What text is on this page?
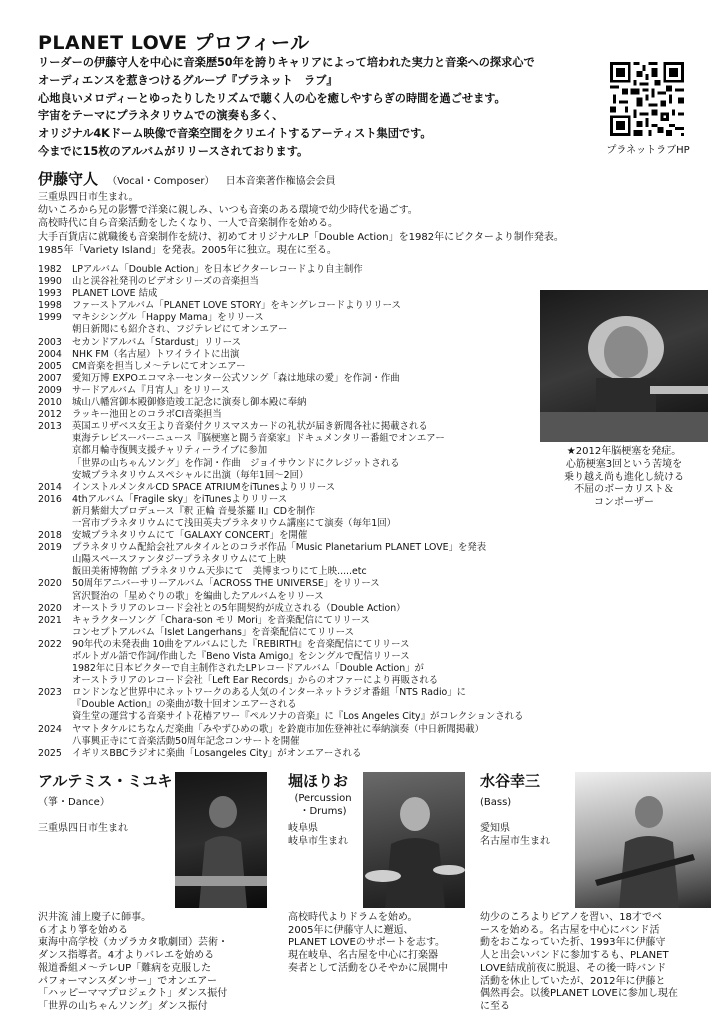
PLANET LOVE プロフィール
リーダーの伊藤守人を中心に音楽歴50年を誇りキャリアによって培われた実力と音楽への探求心で
オーディエンスを惹きつけるグループ『プラネット　ラブ』
心地良いメロディーとゆったりしたリズムで聴く人の心を癒しやすらぎの時間を過ごせます。
宇宙をテーマにプラネタリウムでの演奏も多く、
オリジナル4Kドーム映像で音楽空間をクリエイトするアーティスト集団です。
今までに15枚のアルバムがリリースされております。	プラネットラブHP
伊藤守人 （Vocal・Composer） 日本音楽著作権協会会員
三重県四日市生まれ。
幼いころから兄の影響で洋楽に親しみ、いつも音楽のある環境で幼少時代を過ごす。
高校時代に自ら音楽活動をしたくなり、一人で音楽制作を始める。
大手百貨店に就職後も音楽制作を続け、初めてオリジナルLP「Double Action」を1982年にビクターより制作発表。
1985年「Variety Island」を発表。2005年に独立。現在に至る。
1982	LPアルバム「Double Action」を日本ビクターレコードより自主制作
1990	山と渓谷社発刊のビデオシリーズの音楽担当
1993	PLANET LOVE 結成
1998	ファーストアルバム「PLANET LOVE STORY」をキングレコードよりリリース
1999	マキシシングル「Happy Mama」をリリース
朝日新聞にも紹介され、フジテレビにてオンエアー
2003	セカンドアルバム「Stardust」リリース
2004	NHK FM（名古屋）トワイライトに出演
2005	CM音楽を担当しメ～テレにてオンエアー
2007	愛知万博 EXPOエコマネーセンター公式ソング「森は地球の愛」を作詞・作曲
2009	サードアルバム『月宵人』をリリース
2010	城山八幡宮御本殿御修造竣工記念に演奏し御本殿に奉納
2012	ラッキー池田とのコラボCI音楽担当
2013	英国エリザベス女王より音楽付クリスマスカードの礼状が届き新聞各社に掲載される
東海テレビスーパーニュース『脳梗塞と闘う音楽家』ドキュメンタリー番組でオンエアー
京都月輪寺復興支援チャリティーライブに参加
「世界の山ちゃんソング」を作詞・作曲　ジョイサウンドにクレジットされる
安城プラネタリウムスペシャルに出演（毎年1回～2回）
2014	インストルメンタルCD SPACE ATRIUMをiTunesよりリリース
2016	4thアルバム「Fragile sky」をiTunesよりリリース
新月紫紺大プロデュース『釈 正輪 音曼茶羅 II』CDを制作
一宮市プラネタリウムにて浅田英夫プラネタリウム講座にて演奏（毎年1回）
2018	安城プラネタリウムにて「GALAXY CONCERT」を開催
2019	プラネタリウム配給会社アルタイルとのコラボ作品「Music Planetarium PLANET LOVE」を発表
山陽スペースファンタジープラネタリウムにて上映
飯田美術博物館 プラネタリウム天歩にて　美博まつりにて上映.....etc
2020	50周年アニバーサリーアルバム「ACROSS THE UNIVERSE」をリリース
宮沢賢治の「星めぐりの歌」を編曲したアルバムをリリース
2020	オーストラリアのレコード会社との5年間契約が成立される（Double Action）
2021	キャラクターソング「Chara-son モリ Mori」を音楽配信にてリリース
コンセプトアルバム「Islet Langerhans」を音楽配信にてリリース
2022	90年代の未発表曲 10曲をアルバムにした『REBIRTH』を音楽配信にてリリース
ボルトガル語で作詞/作曲した『Beno Vista Amigo』をシングルで配信リリース
1982年に日本ビクターで自主制作されたLPレコードアルバム「Double Action」が
オーストラリアのレコード会社「Left Ear Records」からのオファーにより再販される
2023	ロンドンなど世界中にネットワークのある人気のインターネットラジオ番組「NTS Radio」に
『Double Action』の楽曲が数十回オンエアーされる
資生堂の運営する音楽サイト花椿アワー『ペルソナの音楽』に『Los Angeles City』がコレクションされる
2024	ヤマトタケルにちなんだ楽曲「みやずひめの歌」を鈴鹿市加佐登神社に奉納演奏（中日新聞掲載）
八事興正寺にて音楽活動50周年記念コンサートを開催
2025	イギリスBBCラジオに楽曲「Losangeles City」がオンエアーされる
★2012年脳梗塞を発症。
心筋梗塞3回という苦境を
乗り越え尚も進化し続ける
不屈のボーカリスト＆
コンポーザー
アルテミス・ミユキ
（箏・Dance）
三重県四日市生まれ
沢井流 浦上慶子に師事。
６才より箏を始める
東海中高学校（カヅラカタ歌劇団）芸術・
ダンス指導者。4才よりバレエを始める
報道番組メ～テレUP「難病を克服した
パフォーマンスダンサー」でオンエアー
「ハッピーママプロジェクト」ダンス振付
「世界の山ちゃんソング」ダンス振付
堀ほりお
(Percussion
・Drums)
岐阜県
岐阜市生まれ
高校時代よりドラムを始め。
2005年に伊藤守人に邂逅、
PLANET LOVEのサポートを志す。
現在岐阜、名古屋を中心に打楽器
奏者として活動をひそやかに展開中
水谷幸三
(Bass)
愛知県
名古屋市生まれ
幼少のころよりピアノを習い、18才でベ
ースを始める。名古屋を中心にバンド活
動をおこなっていた折、1993年に伊藤守
人と出会いバンドに参加するも、PLANET
LOVE結成前夜に脱退、その後一時バンド
活動を休止していたが、2012年に伊藤と
偶然再会。以後PLANET LOVEに参加し現在
に至る
